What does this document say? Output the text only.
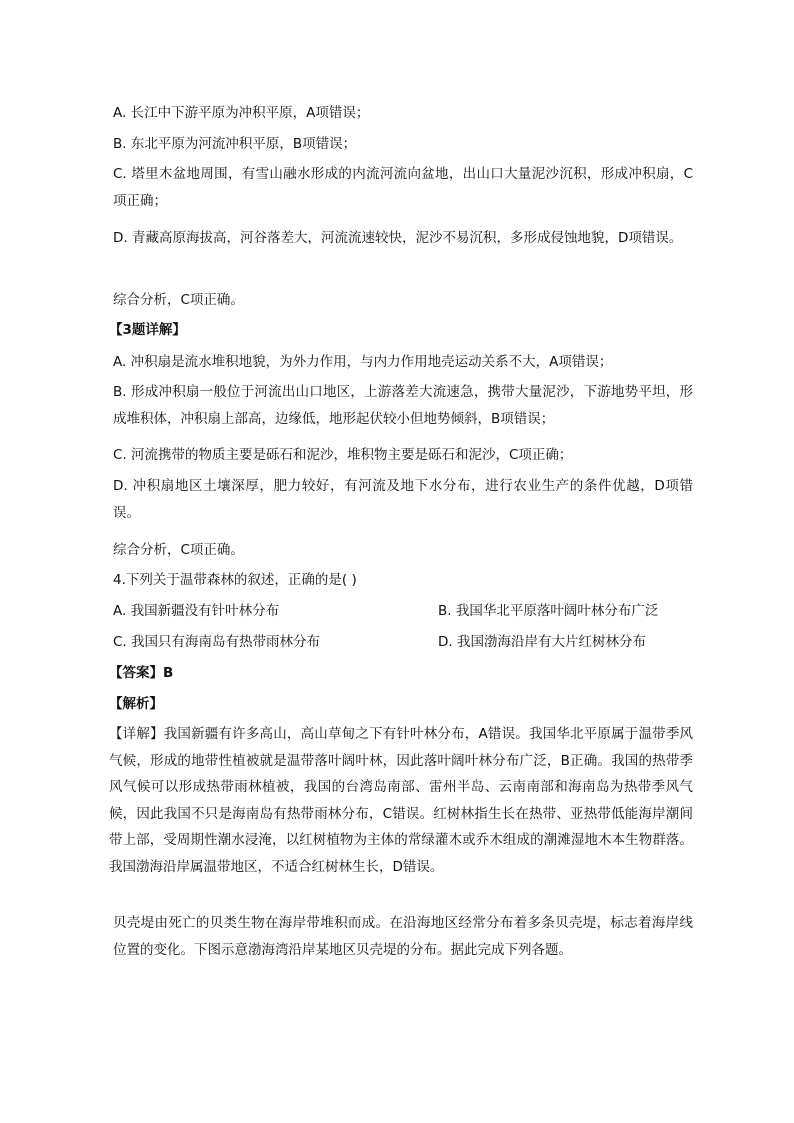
A. 长江中下游平原为冲积平原，A项错误；
B. 东北平原为河流冲积平原，B项错误；
C. 塔里木盆地周围，有雪山融水形成的内流河流向盆地，出山口大量泥沙沉积，形成冲积扇，C项正确；
D. 青藏高原海拔高，河谷落差大，河流流速较快，泥沙不易沉积，多形成侵蚀地貌，D项错误。
综合分析，C项正确。
【3题详解】
A. 冲积扇是流水堆积地貌，为外力作用，与内力作用地壳运动关系不大，A项错误；
B. 形成冲积扇一般位于河流出山口地区，上游落差大流速急，携带大量泥沙，下游地势平坦，形成堆积体，冲积扇上部高，边缘低，地形起伏较小但地势倾斜，B项错误；
C. 河流携带的物质主要是砾石和泥沙，堆积物主要是砾石和泥沙，C项正确；
D. 冲积扇地区土壤深厚，肥力较好，有河流及地下水分布，进行农业生产的条件优越，D项错误。
综合分析，C项正确。
4.下列关于温带森林的叙述，正确的是( )
A. 我国新疆没有针叶林分布	B. 我国华北平原落叶阔叶林分布广泛
C. 我国只有海南岛有热带雨林分布	D. 我国渤海沿岸有大片红树林分布
【答案】B
【解析】
【详解】我国新疆有许多高山，高山草甸之下有针叶林分布，A错误。我国华北平原属于温带季风气候，形成的地带性植被就是温带落叶阔叶林，因此落叶阔叶林分布广泛，B正确。我国的热带季风气候可以形成热带雨林植被，我国的台湾岛南部、雷州半岛、云南南部和海南岛为热带季风气候，因此我国不只是海南岛有热带雨林分布，C错误。红树林指生长在热带、亚热带低能海岸潮间带上部，受周期性潮水浸淹，以红树植物为主体的常绿灌木或乔木组成的潮滩湿地木本生物群落。我国渤海沿岸属温带地区，不适合红树林生长，D错误。
贝壳堤由死亡的贝类生物在海岸带堆积而成。在沿海地区经常分布着多条贝壳堤，标志着海岸线位置的变化。下图示意渤海湾沿岸某地区贝壳堤的分布。据此完成下列各题。
